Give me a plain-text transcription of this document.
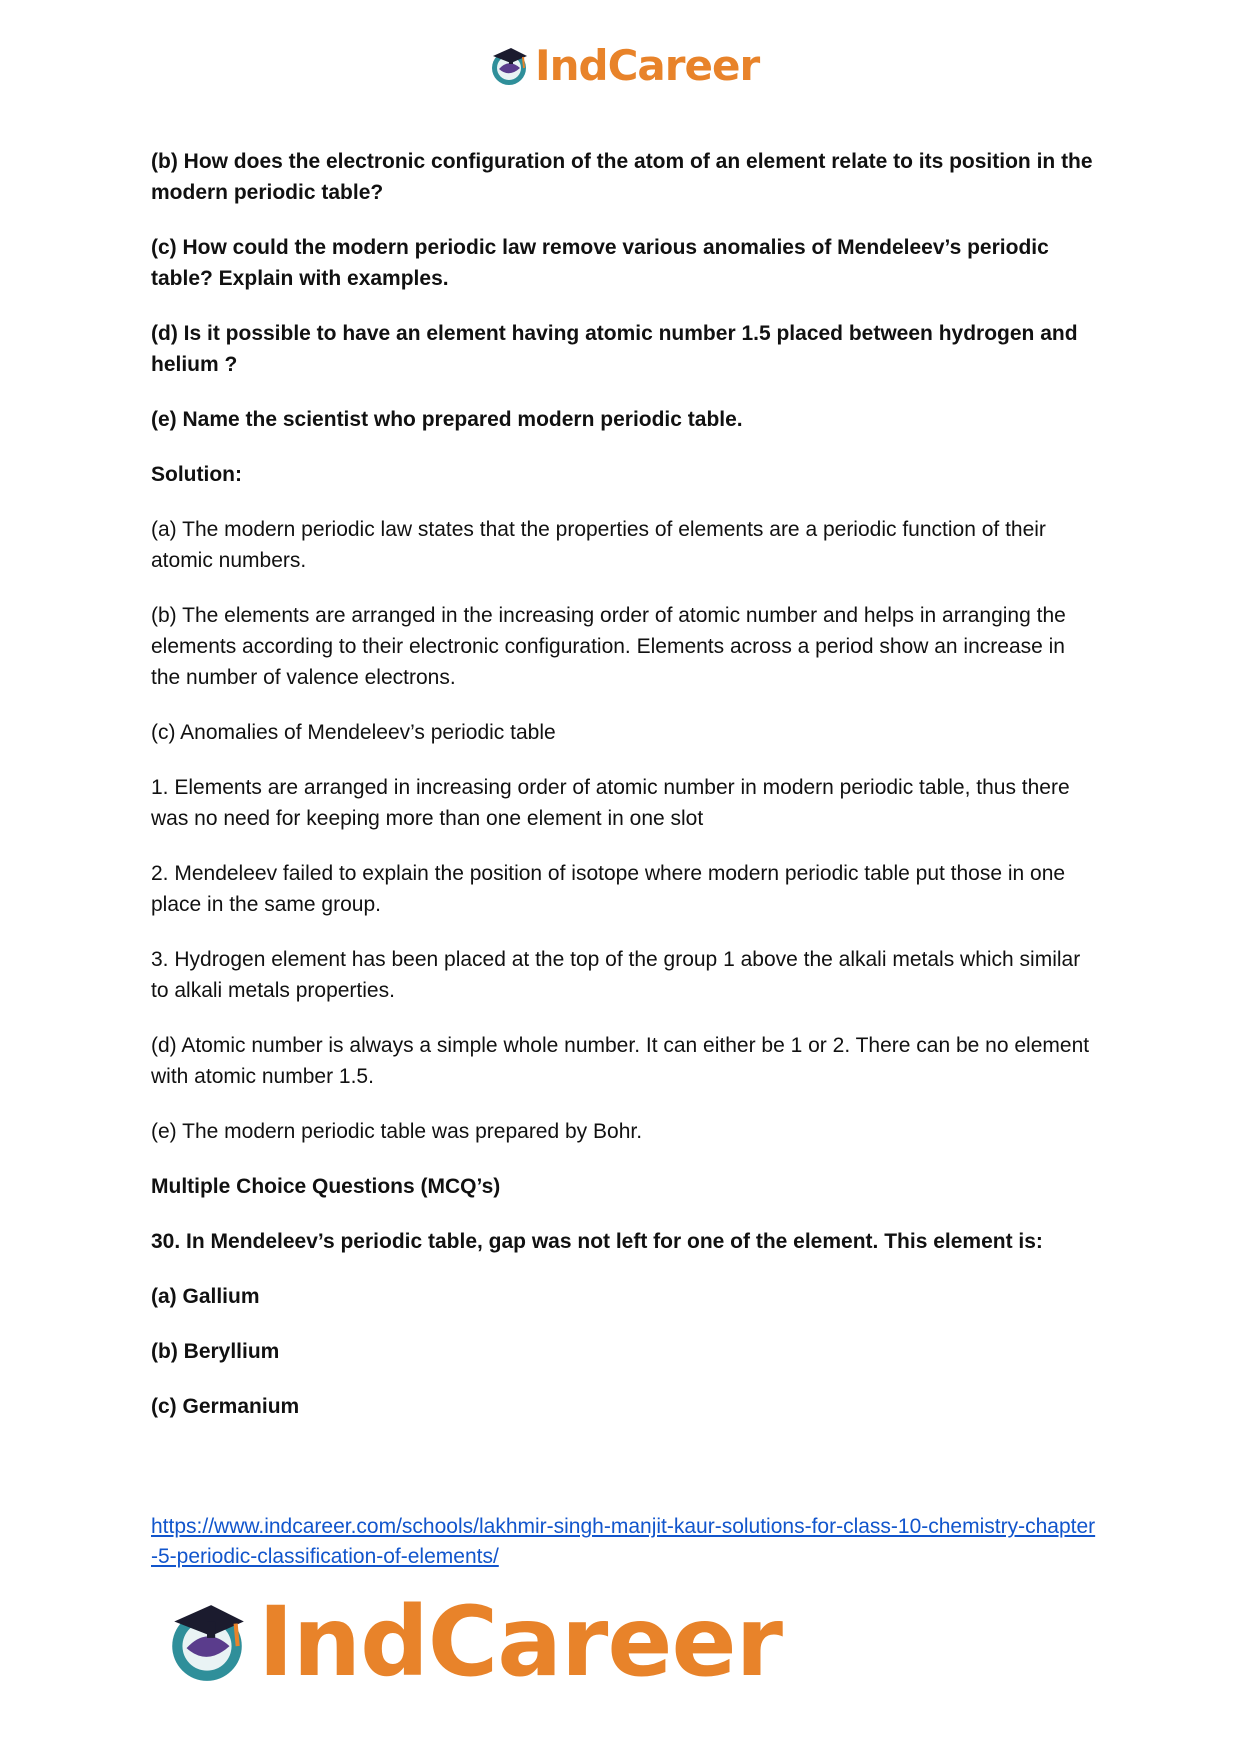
IndCareer

(b) How does the electronic configuration of the atom of an element relate to its position in the modern periodic table?

(c) How could the modern periodic law remove various anomalies of Mendeleev’s periodic table? Explain with examples.

(d) Is it possible to have an element having atomic number 1.5 placed between hydrogen and helium ?

(e) Name the scientist who prepared modern periodic table.

Solution:

(a) The modern periodic law states that the properties of elements are a periodic function of their atomic numbers.

(b) The elements are arranged in the increasing order of atomic number and helps in arranging the elements according to their electronic configuration. Elements across a period show an increase in the number of valence electrons.

(c) Anomalies of Mendeleev’s periodic table

1. Elements are arranged in increasing order of atomic number in modern periodic table, thus there was no need for keeping more than one element in one slot

2. Mendeleev failed to explain the position of isotope where modern periodic table put those in one place in the same group.

3. Hydrogen element has been placed at the top of the group 1 above the alkali metals which similar to alkali metals properties.

(d) Atomic number is always a simple whole number. It can either be 1 or 2. There can be no element with atomic number 1.5.

(e) The modern periodic table was prepared by Bohr.

Multiple Choice Questions (MCQ’s)

30. In Mendeleev’s periodic table, gap was not left for one of the element. This element is:

(a) Gallium

(b) Beryllium

(c) Germanium

https://www.indcareer.com/schools/lakhmir-singh-manjit-kaur-solutions-for-class-10-chemistry-chapter-5-periodic-classification-of-elements/
IndCareer
